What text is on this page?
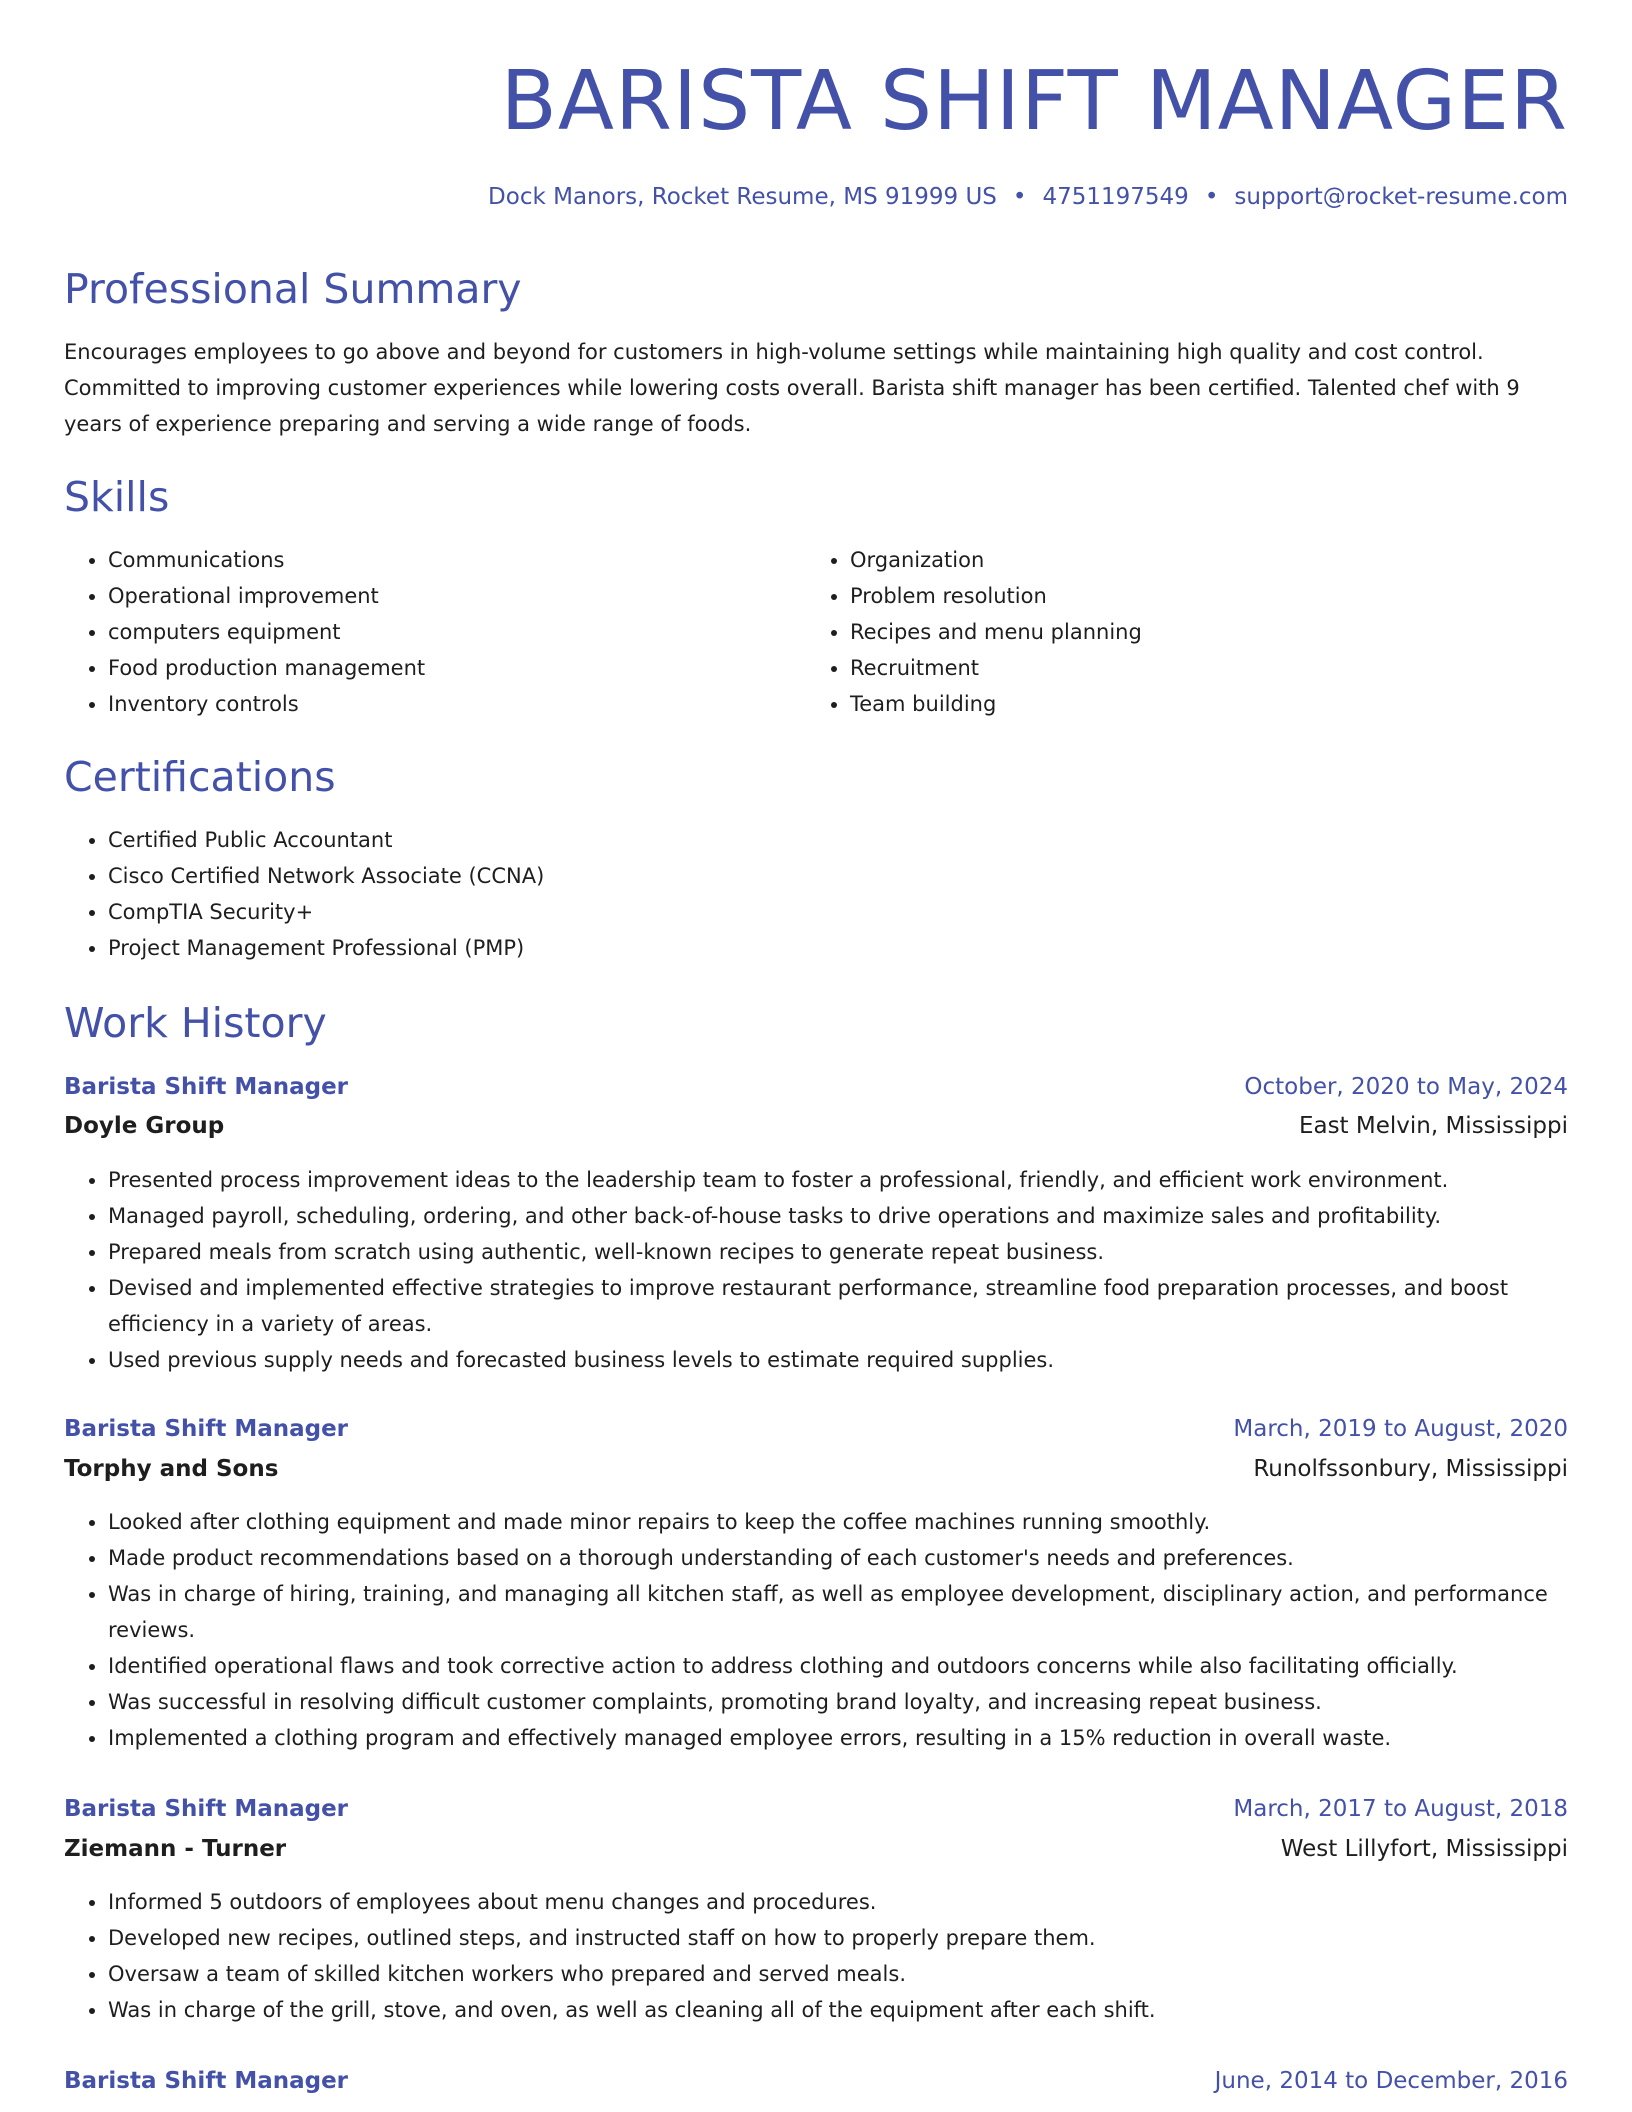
BARISTA SHIFT MANAGER
Dock Manors, Rocket Resume, MS 91999 US • 4751197549 • support@rocket-resume.com
Professional Summary

Encourages employees to go above and beyond for customers in high-volume settings while maintaining high quality and cost control. Committed to improving customer experiences while lowering costs overall. Barista shift manager has been certified. Talented chef with 9 years of experience preparing and serving a wide range of foods.

Skills
• Communications
• Operational improvement
• computers equipment
• Food production management
• Inventory controls
• Organization
• Problem resolution
• Recipes and menu planning
• Recruitment
• Team building
Certifications
• Certified Public Accountant
• Cisco Certified Network Associate (CCNA)
• CompTIA Security+
• Project Management Professional (PMP)
Work History
Barista Shift Manager	October, 2020 to May, 2024
Doyle Group	East Melvin, Mississippi
• Presented process improvement ideas to the leadership team to foster a professional, friendly, and efficient work environment.
• Managed payroll, scheduling, ordering, and other back-of-house tasks to drive operations and maximize sales and profitability.
• Prepared meals from scratch using authentic, well-known recipes to generate repeat business.
• Devised and implemented effective strategies to improve restaurant performance, streamline food preparation processes, and boost efficiency in a variety of areas.
• Used previous supply needs and forecasted business levels to estimate required supplies.
Barista Shift Manager	March, 2019 to August, 2020
Torphy and Sons	Runolfssonbury, Mississippi
• Looked after clothing equipment and made minor repairs to keep the coffee machines running smoothly.
• Made product recommendations based on a thorough understanding of each customer's needs and preferences.
• Was in charge of hiring, training, and managing all kitchen staff, as well as employee development, disciplinary action, and performance reviews.
• Identified operational flaws and took corrective action to address clothing and outdoors concerns while also facilitating officially.
• Was successful in resolving difficult customer complaints, promoting brand loyalty, and increasing repeat business.
• Implemented a clothing program and effectively managed employee errors, resulting in a 15% reduction in overall waste.
Barista Shift Manager	March, 2017 to August, 2018
Ziemann - Turner	West Lillyfort, Mississippi
• Informed 5 outdoors of employees about menu changes and procedures.
• Developed new recipes, outlined steps, and instructed staff on how to properly prepare them.
• Oversaw a team of skilled kitchen workers who prepared and served meals.
• Was in charge of the grill, stove, and oven, as well as cleaning all of the equipment after each shift.
Barista Shift Manager	June, 2014 to December, 2016
